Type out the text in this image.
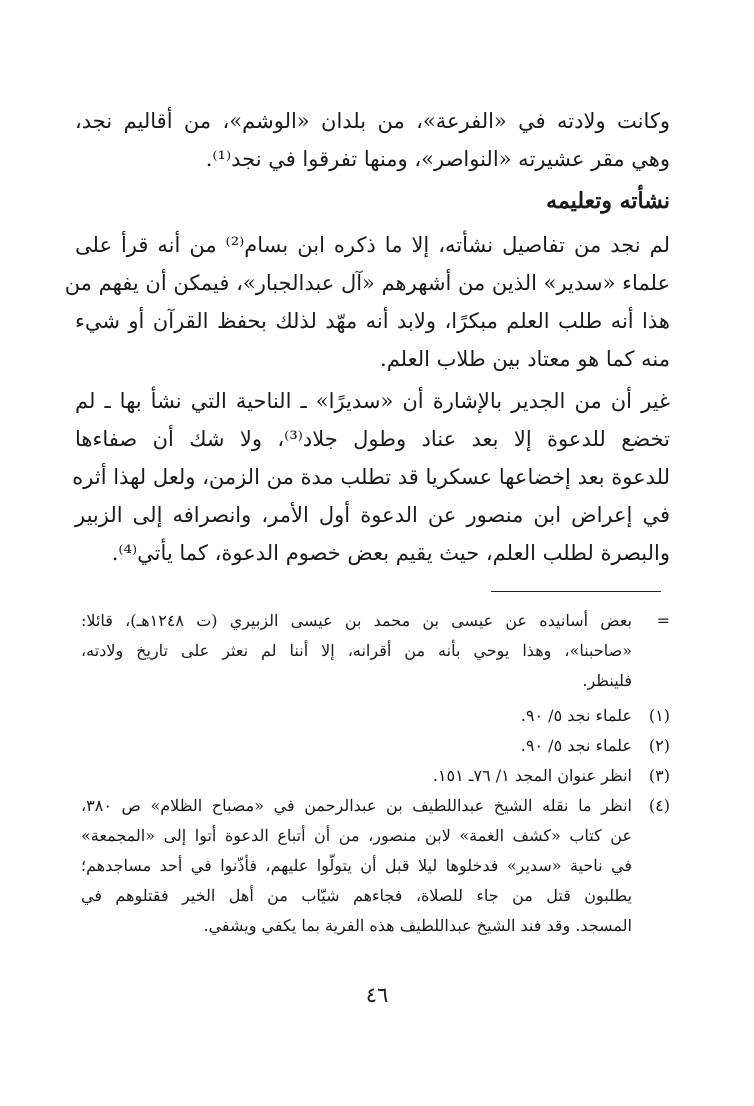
وكانت ولادته في «الفرعة»، من بلدان «الوشم»، من أقاليم نجد،
وهي مقر عشيرته «النواصر»، ومنها تفرقوا في نجد⁽¹⁾.
نشأته وتعليمه
لم نجد من تفاصيل نشأته، إلا ما ذكره ابن بسام⁽²⁾ من أنه قرأ على
علماء «سدير» الذين من أشهرهم «آل عبدالجبار»، فيمكن أن يفهم من
هذا أنه طلب العلم مبكرًا، ولابد أنه مهّد لذلك بحفظ القرآن أو شيء
منه كما هو معتاد بين طلاب العلم.
غير أن من الجدير بالإشارة أن «سديرًا» ـ الناحية التي نشأ بها ـ لم
تخضع للدعوة إلا بعد عناد وطول جلاد⁽³⁾، ولا شك أن صفاءها
للدعوة بعد إخضاعها عسكريا قد تطلب مدة من الزمن، ولعل لهذا أثره
في إعراض ابن منصور عن الدعوة أول الأمر، وانصرافه إلى الزبير
والبصرة لطلب العلم، حيث يقيم بعض خصوم الدعوة، كما يأتي⁽⁴⁾.
=
بعض أسانيده عن عيسى بن محمد بن عيسى الزبيري (ت ١٢٤٨هـ)، قائلا:
«صاحبنا»، وهذا يوحي بأنه من أقرانه، إلا أننا لم نعثر على تاريخ ولادته،
فلينظر.
(١)
علماء نجد ٥/ ٩٠.
(٢)
علماء نجد ٥/ ٩٠.
(٣)
انظر عنوان المجد ١/ ٧٦ـ ١٥١.
(٤)
انظر ما نقله الشيخ عبداللطيف بن عبدالرحمن في «مصباح الظلام» ص ٣٨٠،
عن كتاب «كشف الغمة» لابن منصور، من أن أتباع الدعوة أتوا إلى «المجمعة»
في ناحية «سدير» فدخلوها ليلا قبل أن يتولّوا عليهم، فأذّنوا في أحد مساجدهم؛
يطلبون قتل من جاء للصلاة، فجاءهم شيّاب من أهل الخير فقتلوهم في
المسجد. وقد فند الشيخ عبداللطيف هذه الفرية بما يكفي ويشفي.
٤٦
